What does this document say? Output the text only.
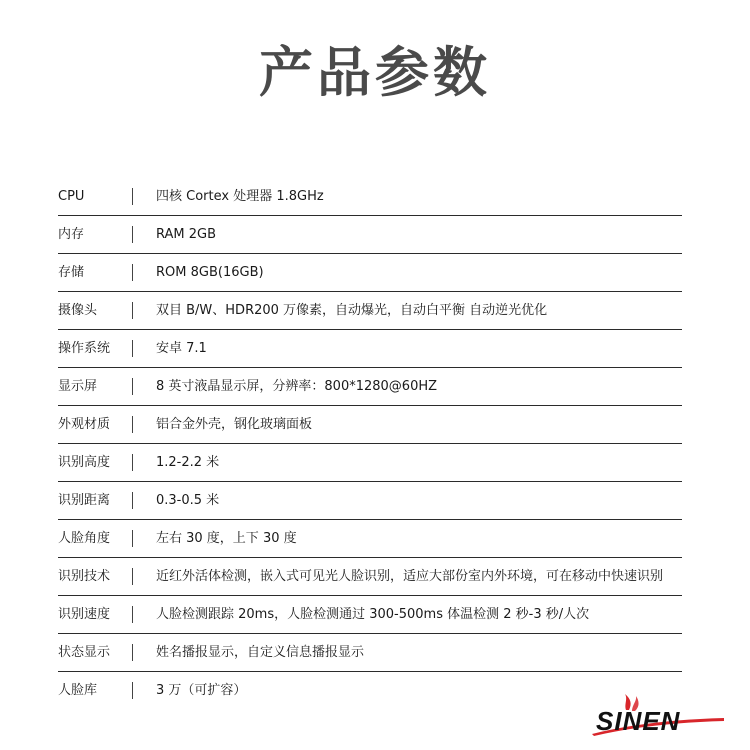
产品参数
CPU	四核 Cortex 处理器 1.8GHz
内存	RAM 2GB
存储	ROM 8GB(16GB)
摄像头	双目 B/W、HDR200 万像素，自动爆光，自动白平衡 自动逆光优化
操作系统	安卓 7.1
显示屏	8 英寸液晶显示屏，分辨率：800*1280@60HZ
外观材质	铝合金外壳，钢化玻璃面板
识别高度	1.2-2.2 米
识别距离	0.3-0.5 米
人脸角度	左右 30 度，上下 30 度
识别技术	近红外活体检测，嵌入式可见光人脸识别，适应大部份室内外环境，可在移动中快速识别
识别速度	人脸检测跟踪 20ms，人脸检测通过 300-500ms 体温检测 2 秒-3 秒/人次
状态显示	姓名播报显示，自定义信息播报显示
人脸库	3 万（可扩容）
SINEN
